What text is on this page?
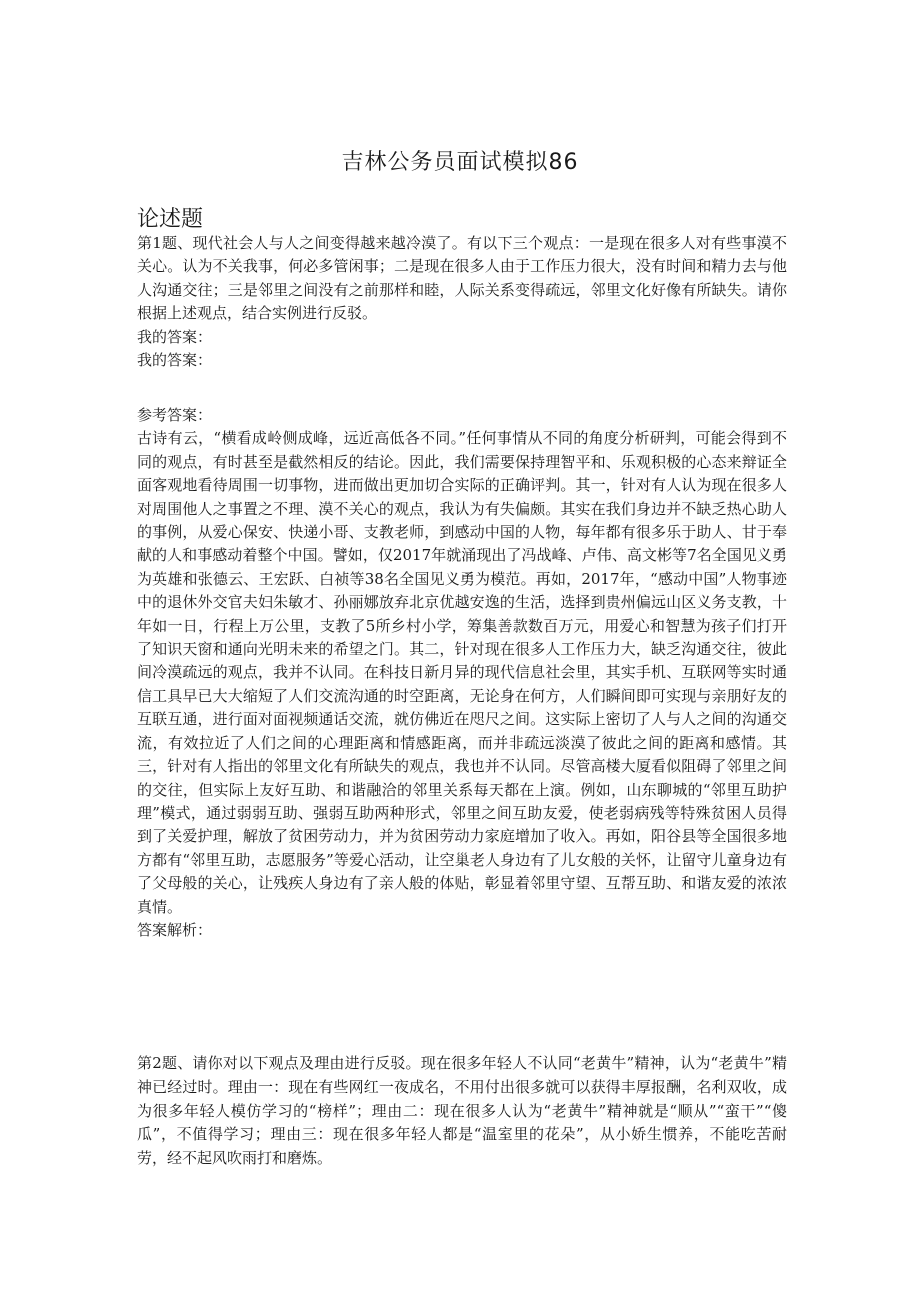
吉林公务员面试模拟86
论述题
第1题、现代社会人与人之间变得越来越冷漠了。有以下三个观点：一是现在很多人对有些事漠不关心。认为不关我事，何必多管闲事；二是现在很多人由于工作压力很大，没有时间和精力去与他人沟通交往；三是邻里之间没有之前那样和睦，人际关系变得疏远，邻里文化好像有所缺失。请你根据上述观点，结合实例进行反驳。
我的答案：
我的答案：
参考答案：
古诗有云，“横看成岭侧成峰，远近高低各不同。”任何事情从不同的角度分析研判，可能会得到不同的观点，有时甚至是截然相反的结论。因此，我们需要保持理智平和、乐观积极的心态来辩证全面客观地看待周围一切事物，进而做出更加切合实际的正确评判。其一，针对有人认为现在很多人对周围他人之事置之不理、漠不关心的观点，我认为有失偏颇。其实在我们身边并不缺乏热心助人的事例，从爱心保安、快递小哥、支教老师，到感动中国的人物，每年都有很多乐于助人、甘于奉献的人和事感动着整个中国。譬如，仅2017年就涌现出了冯战峰、卢伟、高文彬等7名全国见义勇为英雄和张德云、王宏跃、白祯等38名全国见义勇为模范。再如，2017年，“感动中国”人物事迹中的退休外交官夫妇朱敏才、孙丽娜放弃北京优越安逸的生活，选择到贵州偏远山区义务支教，十年如一日，行程上万公里，支教了5所乡村小学，筹集善款数百万元，用爱心和智慧为孩子们打开了知识天窗和通向光明未来的希望之门。其二，针对现在很多人工作压力大，缺乏沟通交往，彼此间冷漠疏远的观点，我并不认同。在科技日新月异的现代信息社会里，其实手机、互联网等实时通信工具早已大大缩短了人们交流沟通的时空距离，无论身在何方，人们瞬间即可实现与亲朋好友的互联互通，进行面对面视频通话交流，就仿佛近在咫尺之间。这实际上密切了人与人之间的沟通交流，有效拉近了人们之间的心理距离和情感距离，而并非疏远淡漠了彼此之间的距离和感情。其三，针对有人指出的邻里文化有所缺失的观点，我也并不认同。尽管高楼大厦看似阻碍了邻里之间的交往，但实际上友好互助、和谐融洽的邻里关系每天都在上演。例如，山东聊城的“邻里互助护理”模式，通过弱弱互助、强弱互助两种形式，邻里之间互助友爱，使老弱病残等特殊贫困人员得到了关爱护理，解放了贫困劳动力，并为贫困劳动力家庭增加了收入。再如，阳谷县等全国很多地方都有“邻里互助，志愿服务”等爱心活动，让空巢老人身边有了儿女般的关怀，让留守儿童身边有了父母般的关心，让残疾人身边有了亲人般的体贴，彰显着邻里守望、互帮互助、和谐友爱的浓浓真情。
答案解析：
第2题、请你对以下观点及理由进行反驳。现在很多年轻人不认同“老黄牛”精神，认为“老黄牛”精神已经过时。理由一：现在有些网红一夜成名，不用付出很多就可以获得丰厚报酬，名利双收，成为很多年轻人模仿学习的“榜样”；理由二：现在很多人认为“老黄牛”精神就是“顺从”“蛮干”“傻瓜”，不值得学习；理由三：现在很多年轻人都是“温室里的花朵”，从小娇生惯养，不能吃苦耐劳，经不起风吹雨打和磨炼。
